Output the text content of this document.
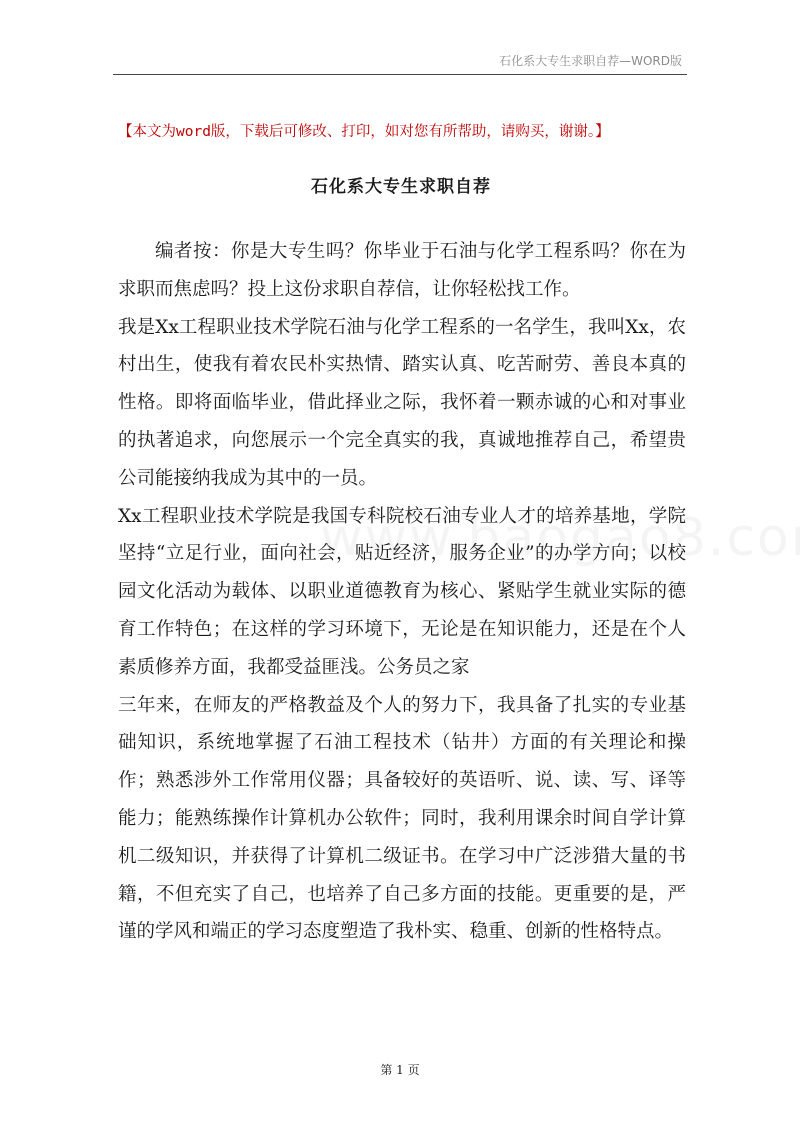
石化系大专生求职自荐—WORD版
【本文为word版，下载后可修改、打印，如对您有所帮助，请购买，谢谢。】
石化系大专生求职自荐

编者按：你是大专生吗？你毕业于石油与化学工程系吗？你在为求职而焦虑吗？投上这份求职自荐信，让你轻松找工作。

我是Xx工程职业技术学院石油与化学工程系的一名学生，我叫Xx，农村出生，使我有着农民朴实热情、踏实认真、吃苦耐劳、善良本真的性格。即将面临毕业，借此择业之际，我怀着一颗赤诚的心和对事业的执著追求，向您展示一个完全真实的我，真诚地推荐自己，希望贵公司能接纳我成为其中的一员。

Xx工程职业技术学院是我国专科院校石油专业人才的培养基地，学院坚持“立足行业，面向社会，贴近经济，服务企业”的办学方向；以校园文化活动为载体、以职业道德教育为核心、紧贴学生就业实际的德育工作特色；在这样的学习环境下，无论是在知识能力，还是在个人素质修养方面，我都受益匪浅。公务员之家

三年来，在师友的严格教益及个人的努力下，我具备了扎实的专业基础知识，系统地掌握了石油工程技术（钻井）方面的有关理论和操作；熟悉涉外工作常用仪器；具备较好的英语听、说、读、写、译等能力；能熟练操作计算机办公软件；同时，我利用课余时间自学计算机二级知识，并获得了计算机二级证书。在学习中广泛涉猎大量的书籍，不但充实了自己，也培养了自己多方面的技能。更重要的是，严谨的学风和端正的学习态度塑造了我朴实、稳重、创新的性格特点。

第 1 页
